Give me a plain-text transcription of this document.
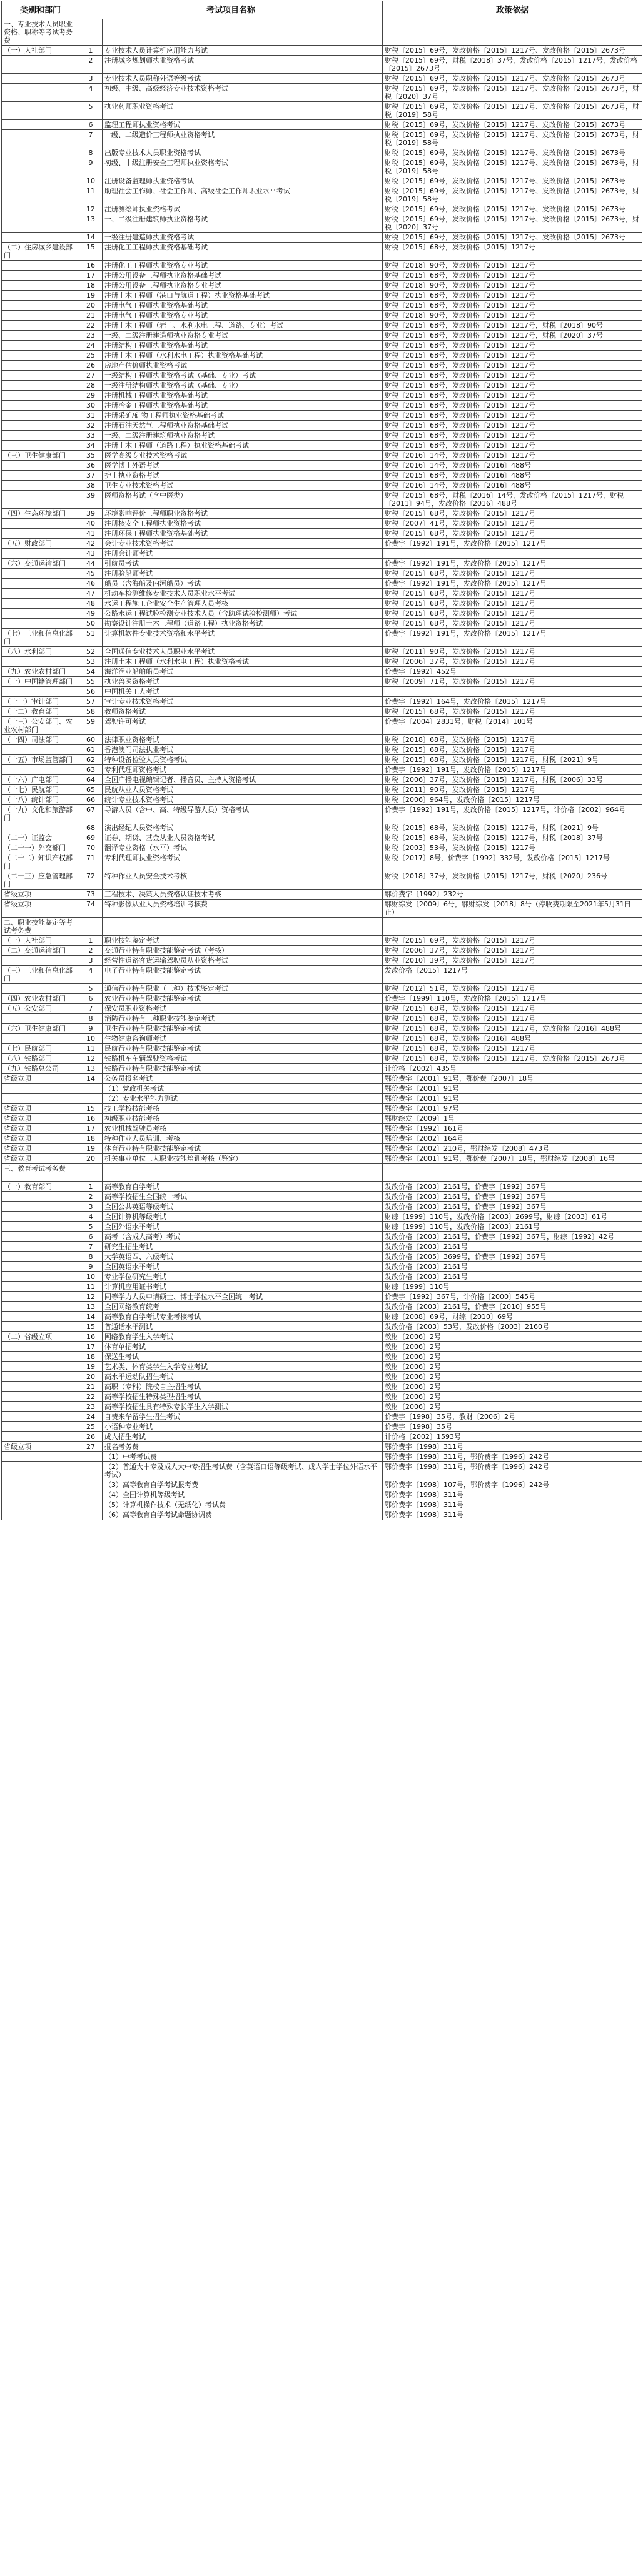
类别和部门	考试项目名称		政策依据
一、专业技术人员职业资格、职称等考试考务费			
（一）人社部门	1	专业技术人员计算机应用能力考试	财税〔2015〕69号，发改价格〔2015〕1217号、发改价格〔2015〕2673号
	2	注册城乡规划师执业资格考试	财税〔2015〕69号，财税〔2018〕37号，发改价格〔2015〕1217号，发改价格〔2015〕2673号
	3	专业技术人员职称外语等级考试	财税〔2015〕69号，发改价格〔2015〕1217号、发改价格〔2015〕2673号
	4	初级、中级、高级经济专业技术资格考试	财税〔2015〕69号，发改价格〔2015〕1217号、发改价格〔2015〕2673号，财税〔2020〕37号
	5	执业药师职业资格考试	财税〔2015〕69号，发改价格〔2015〕1217号、发改价格〔2015〕2673号，财税〔2019〕58号
	6	监理工程师执业资格考试	财税〔2015〕69号，发改价格〔2015〕1217号、发改价格〔2015〕2673号
	7	一级、二级造价工程师执业资格考试	财税〔2015〕69号，发改价格〔2015〕1217号、发改价格〔2015〕2673号，财税〔2019〕58号
	8	出版专业技术人员职业资格考试	财税〔2015〕69号，发改价格〔2015〕1217号、发改价格〔2015〕2673号
	9	初级、中级注册安全工程师执业资格考试	财税〔2015〕69号，发改价格〔2015〕1217号、发改价格〔2015〕2673号，财税〔2019〕58号
	10	注册设备监理师执业资格考试	财税〔2015〕69号，发改价格〔2015〕1217号、发改价格〔2015〕2673号
	11	助理社会工作师、社会工作师、高级社会工作师职业水平考试	财税〔2015〕69号，发改价格〔2015〕1217号、发改价格〔2015〕2673号，财税〔2019〕58号
	12	注册测绘师执业资格考试	财税〔2015〕69号，发改价格〔2015〕1217号、发改价格〔2015〕2673号
	13	一、二级注册建筑师执业资格考试	财税〔2015〕69号，发改价格〔2015〕1217号、发改价格〔2015〕2673号，财税〔2020〕37号
	14	一级注册建造师执业资格考试	财税〔2015〕69号，发改价格〔2015〕1217号、发改价格〔2015〕2673号
（二）住房城乡建设部门	15	注册化工工程师执业资格基础考试	财税〔2015〕68号，发改价格〔2015〕1217号
	16	注册化工工程师执业资格专业考试	财税〔2018〕90号，发改价格〔2015〕1217号
	17	注册公用设备工程师执业资格基础考试	财税〔2015〕68号，发改价格〔2015〕1217号
	18	注册公用设备工程师执业资格专业考试	财税〔2018〕90号，发改价格〔2015〕1217号
	19	注册土木工程师（港口与航道工程）执业资格基础考试	财税〔2015〕68号，发改价格〔2015〕1217号
	20	注册电气工程师执业资格基础考试	财税〔2015〕68号，发改价格〔2015〕1217号
	21	注册电气工程师执业资格专业考试	财税〔2018〕90号，发改价格〔2015〕1217号
	22	注册土木工程师（岩土、水利水电工程、道路、专业）考试	财税〔2015〕68号，发改价格〔2015〕1217号，财税〔2018〕90号
	23	一级、二级注册建造师执业资格专业考试	财税〔2015〕68号，发改价格〔2015〕1217号，财税〔2020〕37号
	24	注册结构工程师执业资格基础考试	财税〔2015〕68号，发改价格〔2015〕1217号
	25	注册土木工程师（水利水电工程）执业资格基础考试	财税〔2015〕68号，发改价格〔2015〕1217号
	26	房地产估价师执业资格考试	财税〔2015〕68号，发改价格〔2015〕1217号
	27	一级结构工程师执业资格考试（基础、专业）考试	财税〔2015〕68号，发改价格〔2015〕1217号
	28	一级注册结构师执业资格考试（基础、专业）	财税〔2015〕68号，发改价格〔2015〕1217号
	29	注册机械工程师执业资格基础考试	财税〔2015〕68号，发改价格〔2015〕1217号
	30	注册冶金工程师执业资格基础考试	财税〔2015〕68号，发改价格〔2015〕1217号
	31	注册采矿/矿物工程师执业资格基础考试	财税〔2015〕68号，发改价格〔2015〕1217号
	32	注册石油天然气工程师执业资格基础考试	财税〔2015〕68号，发改价格〔2015〕1217号
	33	一级、二级注册建筑师执业资格考试	财税〔2015〕68号，发改价格〔2015〕1217号
	34	注册土木工程师（道路工程）执业资格基础考试	财税〔2015〕68号，发改价格〔2015〕1217号
（三）卫生健康部门	35	医学高级专业技术资格考试	财税〔2016〕14号，发改价格〔2015〕1217号
	36	医学博士外语考试	财税〔2016〕14号，发改价格〔2016〕488号
	37	护士执业资格考试	财税〔2015〕68号，发改价格〔2016〕488号
	38	卫生专业技术资格考试	财税〔2016〕14号，发改价格〔2016〕488号
	39	医师资格考试（含中医类）	财税〔2015〕68号，财税〔2016〕14号，发改价格〔2015〕1217号，财税〔2011〕94号，发改价格〔2016〕488号
（四）生态环境部门	39	环境影响评价工程师职业资格考试	财税〔2015〕68号，发改价格〔2015〕1217号
	40	注册核安全工程师执业资格考试	财税〔2007〕41号，发改价格〔2015〕1217号
	41	注册环保工程师执业资格基础考试	财税〔2015〕68号，发改价格〔2015〕1217号
（五）财政部门	42	会计专业技术资格考试	价费字〔1992〕191号，发改价格〔2015〕1217号
	43	注册会计师考试	
（六）交通运输部门	44	引航员考试	价费字〔1992〕191号，发改价格〔2015〕1217号
	45	注册验船师考试	财税〔2015〕68号，发改价格〔2015〕1217号
	46	船员（含海船及内河船员）考试	价费字〔1992〕191号，发改价格〔2015〕1217号
	47	机动车检测维修专业技术人员职业水平考试	财税〔2015〕68号，发改价格〔2015〕1217号
	48	水运工程施工企业安全生产管理人员考核	财税〔2015〕68号，发改价格〔2015〕1217号
	49	公路水运工程试验检测专业技术人员（含助理试验检测师）考试	财税〔2015〕68号，发改价格〔2015〕1217号
	50	勘察设计注册土木工程师（道路工程）执业资格考试	财税〔2015〕68号，发改价格〔2015〕1217号
（七）工业和信息化部门	51	计算机软件专业技术资格和水平考试	价费字〔1992〕191号，发改价格〔2015〕1217号
（八）水利部门	52	全国通信专业技术人员职业水平考试	财税〔2011〕90号，发改价格〔2015〕1217号
	53	注册土木工程师（水利水电工程）执业资格考试	财税〔2006〕37号，发改价格〔2015〕1217号
（九）农业农村部门	54	海洋渔业船舶船员考试	价费字〔1992〕452号
（十）中国籍管理部门	55	执业兽医资格考试	财税〔2009〕71号，发改价格〔2015〕1217号
	56	中国机关工人考试	
（十一）审计部门	57	审计专业技术资格考试	价费字〔1992〕164号，发改价格〔2015〕1217号
（十二）教育部门	58	教师资格考试	财税〔2015〕68号，发改价格〔2015〕1217号
（十三）公安部门、农业农村部门	59	驾驶许可考试	价费字〔2004〕2831号，财税〔2014〕101号
（十四）司法部门	60	法律职业资格考试	财税〔2018〕68号，发改价格〔2015〕1217号
	61	香港澳门司法执业考试	财税〔2015〕68号，发改价格〔2015〕1217号
（十五）市场监管部门	62	特种设备检验人员资格考试	财税〔2015〕68号，发改价格〔2015〕1217号，财税〔2021〕9号
	63	专利代理师资格考试	价费字〔1992〕191号，发改价格〔2015〕1217号
（十六）广电部门	64	全国广播电视编辑记者、播音员、主持人资格考试	财税〔2006〕37号，发改价格〔2015〕1217号，财税〔2006〕33号
（十七）民航部门	65	民航从业人员资格考试	财税〔2011〕90号，发改价格〔2015〕1217号
（十八）统计部门	66	统计专业技术资格考试	财税〔2006〕964号，发改价格〔2015〕1217号
（十九）文化和旅游部门	67	导游人员（含中、高、特级导游人员）资格考试	价费字〔1992〕191号，发改价格〔2015〕1217号，计价格〔2002〕964号
	68	演出经纪人员资格考试	财税〔2015〕68号，发改价格〔2015〕1217号，财税〔2021〕9号
（二十）证监会	69	证券、期货、基金从业人员资格考试	财税〔2015〕68号，发改价格〔2015〕1217号，财税〔2018〕37号
（二十一）外交部门	70	翻译专业资格（水平）考试	财税〔2003〕53号，发改价格〔2015〕1217号
（二十二）知识产权部门	71	专利代理师执业资格考试	财税〔2017〕8号，价费字〔1992〕332号，发改价格〔2015〕1217号
（二十三）应急管理部门	72	特种作业人员安全技术考核	财税〔2018〕37号，发改价格〔2015〕1217号，财税〔2020〕236号
省级立项	73	工程技术、决策人员资格认证技术考核	鄂价费字〔1992〕232号
省级立项	74	特种影像从业人员资格培训考核费	鄂财综发〔2009〕6号，鄂财综发〔2018〕8号（停收费期限至2021年5月31日止）
二、职业技能鉴定等考试考务费			
（一）人社部门	1	职业技能鉴定考试	财税〔2015〕69号，发改价格〔2015〕1217号
（二）交通运输部门	2	交通行业特有职业技能鉴定考试（考核）	财税〔2006〕37号，发改价格〔2015〕1217号
	3	经营性道路客货运输驾驶员从业资格考试	财税〔2010〕39号，发改价格〔2015〕1217号
（三）工业和信息化部门	4	电子行业特有职业技能鉴定考试	发改价格〔2015〕1217号
	5	通信行业特有职业（工种）技术鉴定考试	财税〔2012〕51号，发改价格〔2015〕1217号
（四）农业农村部门	6	农业行业特有职业技能鉴定考试	价费字〔1999〕110号，发改价格〔2015〕1217号
（五）公安部门	7	保安员职业资格考试	财税〔2015〕68号，发改价格〔2015〕1217号
	8	消防行业特有工种职业技能鉴定考试	财税〔2015〕68号，发改价格〔2015〕1217号
（六）卫生健康部门	9	卫生行业特有职业技能鉴定考试	财税〔2015〕68号，发改价格〔2015〕1217号，发改价格〔2016〕488号
	10	生物健康咨询师考试	财税〔2015〕68号，发改价格〔2016〕488号
（七）民航部门	11	民航行业特有职业技能鉴定考试	财税〔2015〕68号，发改价格〔2015〕1217号
（八）铁路部门	12	铁路机车车辆驾驶资格考试	财税〔2015〕68号，发改价格〔2015〕1217号、发改价格〔2015〕2673号
（九）铁路总公司	13	铁路行业特有职业技能鉴定考试	计价格〔2002〕435号
省级立项	14	公务员报名考试	鄂价费字〔2001〕91号，鄂价费〔2007〕18号
		（1）党政机关考试	鄂价费字〔2001〕91号
		（2）专业水平能力测试	鄂价费字〔2001〕91号
省级立项	15	技工学校技能考核	鄂价费字〔2001〕97号
省级立项	16	初级职业技能考核	鄂财综发〔2009〕1号
省级立项	17	农业机械驾驶员考核	鄂价费字〔1992〕161号
省级立项	18	特种作业人员培训、考核	鄂价费字〔2002〕164号
省级立项	19	体育行业特有职业技能鉴定考试	鄂价费字〔2002〕210号，鄂财综发〔2008〕473号
省级立项	20	机关事业单位工人职业技能培训考核（鉴定）	鄂价费字〔2001〕91号，鄂价费〔2007〕18号，鄂财综发〔2008〕16号
三、教育考试考务费			
（一）教育部门	1	高等教育自学考试	发改价格〔2003〕2161号，价费字〔1992〕367号
	2	高等学校招生全国统一考试	发改价格〔2003〕2161号，价费字〔1992〕367号
	3	全国公共英语等级考试	发改价格〔2003〕2161号，价费字〔1992〕367号
	4	全国计算机等级考试	财综〔1999〕110号，发改价格〔2003〕2699号，财综〔2003〕61号
	5	全国外语水平考试	财综〔1999〕110号，发改价格〔2003〕2161号
	6	高考（含成人高考）考试	发改价格〔2003〕2161号，价费字〔1992〕367号，财综〔1992〕42号
	7	研究生招生考试	发改价格〔2003〕2161号
	8	大学英语四、六级考试	发改价格〔2005〕3699号，价费字〔1992〕367号
	9	全国英语水平考试	发改价格〔2003〕2161号
	10	专业学位研究生考试	发改价格〔2003〕2161号
	11	计算机应用证书考试	财综〔1999〕110号
	12	同等学力人员申请硕士、博士学位水平全国统一考试	价费字〔1992〕367号，计价格〔2000〕545号
	13	全国网络教育统考	发改价格〔2003〕2161号，价费字〔2010〕955号
	14	高等教育自学考试专业考核考试	财综〔2008〕69号，财综〔2010〕69号
	15	普通话水平测试	发改价格〔2003〕53号，发改价格〔2003〕2160号
（二）省级立项	16	网络教育学生入学考试	教财〔2006〕2号
	17	体育单招考试	教财〔2006〕2号
	18	保送生考试	教财〔2006〕2号
	19	艺术类、体育类学生入学专业考试	教财〔2006〕2号
	20	高水平运动队招生考试	教财〔2006〕2号
	21	高职（专科）院校自主招生考试	教财〔2006〕2号
	22	高等学校招生特殊类型招生考试	教财〔2006〕2号
	23	高等学校招生具有特殊专长学生入学测试	教财〔2006〕2号
	24	自费来华留学生招生考试	价费字〔1998〕35号，教财〔2006〕2号
	25	小语种专业考试	价费字〔1998〕35号
	26	成人招生考试	计价格〔2002〕1593号
省级立项	27	报名考务费	鄂价费字〔1998〕311号
		（1）中考考试费	鄂价费字〔1998〕311号，鄂价费字〔1996〕242号
		（2）普通大中专及成人大中专招生考试费（含英语口语等级考试、成人学士学位外语水平考试）	鄂价费字〔1998〕311号，鄂价费字〔1996〕242号
		（3）高等教育自学考试报考费	鄂价费字〔1998〕107号，鄂价费字〔1996〕242号
		（4）全国计算机等级考试	鄂价费字〔1998〕311号
		（5）计算机操作技术（无纸化）考试费	鄂价费字〔1998〕311号
		（6）高等教育自学考试命题协调费	鄂价费字〔1998〕311号
